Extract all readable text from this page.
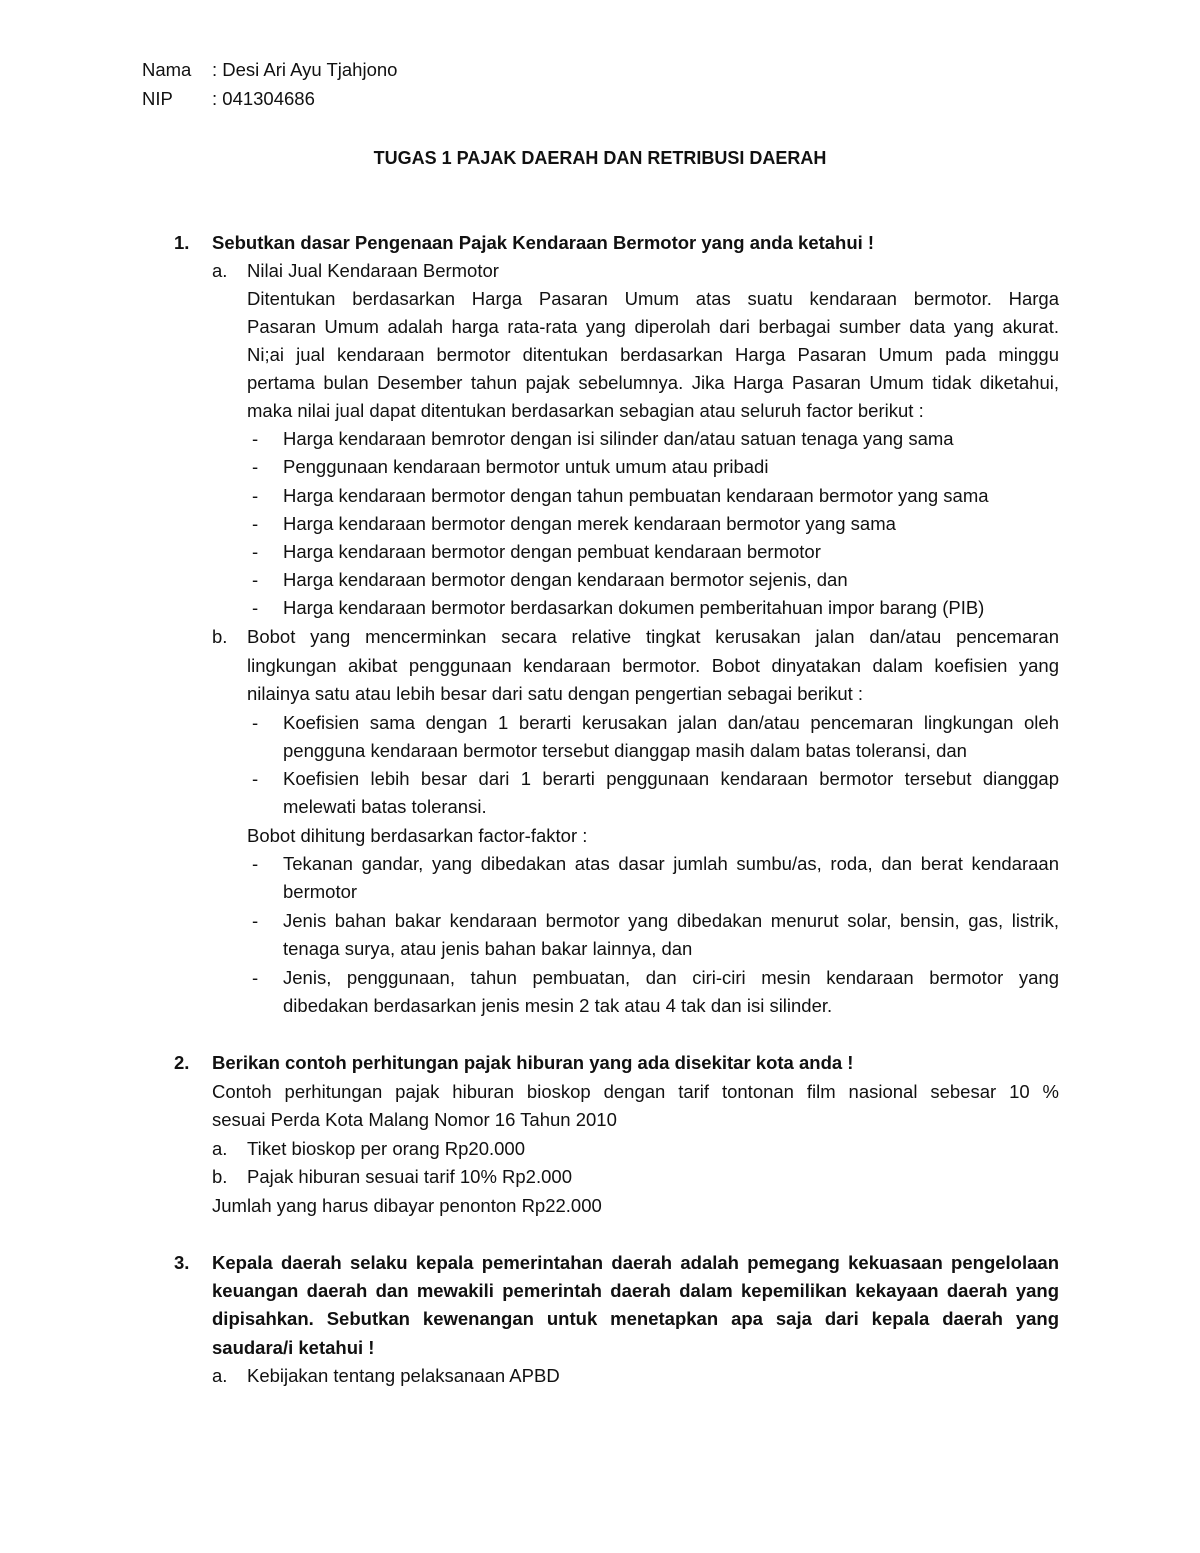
Nama : Desi Ari Ayu Tjahjono
NIP : 041304686
TUGAS 1 PAJAK DAERAH DAN RETRIBUSI DAERAH
1. Sebutkan dasar Pengenaan Pajak Kendaraan Bermotor yang anda ketahui !
a. Nilai Jual Kendaraan Bermotor
Ditentukan berdasarkan Harga Pasaran Umum atas suatu kendaraan bermotor. Harga
Pasaran Umum adalah harga rata-rata yang diperolah dari berbagai sumber data yang akurat.
Ni;ai jual kendaraan bermotor ditentukan berdasarkan Harga Pasaran Umum pada minggu
pertama bulan Desember tahun pajak sebelumnya. Jika Harga Pasaran Umum tidak diketahui,
maka nilai jual dapat ditentukan berdasarkan sebagian atau seluruh factor berikut :
- Harga kendaraan bemrotor dengan isi silinder dan/atau satuan tenaga yang sama
- Penggunaan kendaraan bermotor untuk umum atau pribadi
- Harga kendaraan bermotor dengan tahun pembuatan kendaraan bermotor yang sama
- Harga kendaraan bermotor dengan merek kendaraan bermotor yang sama
- Harga kendaraan bermotor dengan pembuat kendaraan bermotor
- Harga kendaraan bermotor dengan kendaraan bermotor sejenis, dan
- Harga kendaraan bermotor berdasarkan dokumen pemberitahuan impor barang (PIB)
b. Bobot yang mencerminkan secara relative tingkat kerusakan jalan dan/atau pencemaran
lingkungan akibat penggunaan kendaraan bermotor. Bobot dinyatakan dalam koefisien yang
nilainya satu atau lebih besar dari satu dengan pengertian sebagai berikut :
- Koefisien sama dengan 1 berarti kerusakan jalan dan/atau pencemaran lingkungan oleh
pengguna kendaraan bermotor tersebut dianggap masih dalam batas toleransi, dan
- Koefisien lebih besar dari 1 berarti penggunaan kendaraan bermotor tersebut dianggap
melewati batas toleransi.
Bobot dihitung berdasarkan factor-faktor :
- Tekanan gandar, yang dibedakan atas dasar jumlah sumbu/as, roda, dan berat kendaraan
bermotor
- Jenis bahan bakar kendaraan bermotor yang dibedakan menurut solar, bensin, gas, listrik,
tenaga surya, atau jenis bahan bakar lainnya, dan
- Jenis, penggunaan, tahun pembuatan, dan ciri-ciri mesin kendaraan bermotor yang
dibedakan berdasarkan jenis mesin 2 tak atau 4 tak dan isi silinder.
2. Berikan contoh perhitungan pajak hiburan yang ada disekitar kota anda !
Contoh perhitungan pajak hiburan bioskop dengan tarif tontonan film nasional sebesar 10 %
sesuai Perda Kota Malang Nomor 16 Tahun 2010
a. Tiket bioskop per orang Rp20.000
b. Pajak hiburan sesuai tarif 10% Rp2.000
Jumlah yang harus dibayar penonton Rp22.000
3. Kepala daerah selaku kepala pemerintahan daerah adalah pemegang kekuasaan pengelolaan
keuangan daerah dan mewakili pemerintah daerah dalam kepemilikan kekayaan daerah yang
dipisahkan. Sebutkan kewenangan untuk menetapkan apa saja dari kepala daerah yang
saudara/i ketahui !
a. Kebijakan tentang pelaksanaan APBD
